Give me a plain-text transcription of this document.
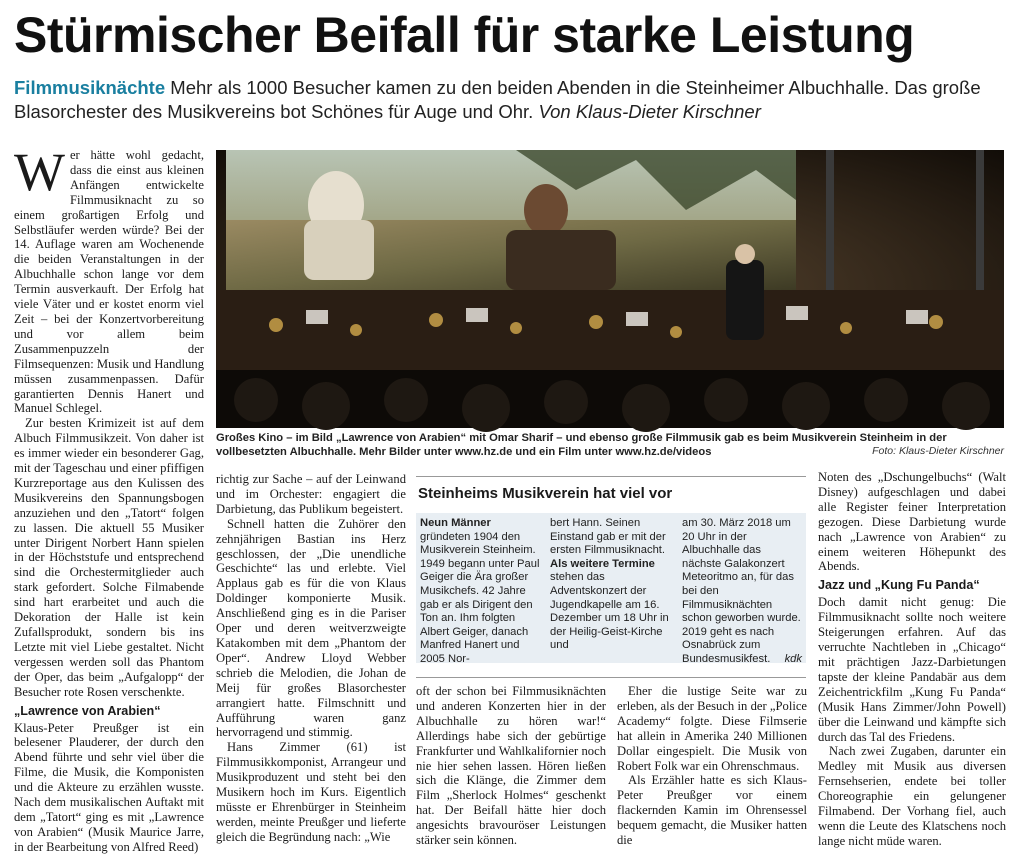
Stürmischer Beifall für starke Leistung
Filmmusiknächte Mehr als 1000 Besucher kamen zu den beiden Abenden in die Steinheimer Albuchhalle. Das große Blasorchester des Musikvereins bot Schönes für Auge und Ohr. Von Klaus-Dieter Kirschner

Wer hätte wohl gedacht, dass die einst aus kleinen Anfängen entwickelte Filmmusiknacht zu so einem großartigen Erfolg und Selbstläufer werden würde? Bei der 14. Auflage waren am Wochenende die beiden Veranstaltungen in der Albuchhalle schon lange vor dem Termin ausverkauft. Der Erfolg hat viele Väter und er kostet enorm viel Zeit – bei der Konzertvorbereitung und vor allem beim Zusammenpuzzeln der Filmsequenzen: Musik und Handlung müssen zusammenpassen. Dafür garantierten Dennis Hanert und Manuel Schlegel.

Zur besten Krimizeit ist auf dem Albuch Filmmusikzeit. Von daher ist es immer wieder ein besonderer Gag, mit der Tageschau und einer pfiffigen Kurzreportage aus den Kulissen des Musikvereins den Spannungsbogen anzuziehen und den „Tatort“ folgen zu lassen. Die aktuell 55 Musiker unter Dirigent Norbert Hann spielen in der Höchststufe und entsprechend sind die Orchestermitglieder auch stark gefordert. Solche Filmabende sind hart erarbeitet und auch die Dekoration der Halle ist kein Zufallsprodukt, sondern bis ins Letzte mit viel Liebe gestaltet. Nicht vergessen werden soll das Phantom der Oper, das beim „Aufgalopp“ der Besucher rote Rosen verschenkte.

„Lawrence von Arabien“

Klaus-Peter Preußger ist ein belesener Plauderer, der durch den Abend führte und sehr viel über die Filme, die Musik, die Komponisten und die Akteure zu erzählen wusste. Nach dem musikalischen Auftakt mit dem „Tatort“ ging es mit „Lawrence von Arabien“ (Musik Maurice Jarre, in der Bearbeitung von Alfred Reed)

Großes Kino – im Bild „Lawrence von Arabien“ mit Omar Sharif – und ebenso große Filmmusik gab es beim Musikverein Steinheim in der vollbesetzten Albuchhalle. Mehr Bilder unter www.hz.de und ein Film unter www.hz.de/videos	Foto: Klaus-Dieter Kirschner

richtig zur Sache – auf der Leinwand und im Orchester: engagiert die Darbietung, das Publikum begeistert.

Schnell hatten die Zuhörer den zehnjährigen Bastian ins Herz geschlossen, der „Die unendliche Geschichte“ las und erlebte. Viel Applaus gab es für die von Klaus Doldinger komponierte Musik. Anschließend ging es in die Pariser Oper und deren weitverzweigte Katakomben mit dem „Phantom der Oper“. Andrew Lloyd Webber schrieb die Melodien, die Johan de Meij für großes Blasorchester arrangiert hatte. Filmschnitt und Aufführung waren ganz hervorragend und stimmig.

Hans Zimmer (61) ist Filmmusikkomponist, Arrangeur und Musikproduzent und steht bei den Musikern hoch im Kurs. Eigentlich müsste er Ehrenbürger in Steinheim werden, meinte Preußger und lieferte gleich die Begründung nach: „Wie

Steinheims Musikverein hat viel vor
Neun Männer gründeten 1904 den Musikverein Steinheim. 1949 begann unter Paul Geiger die Ära großer Musikchefs. 42 Jahre gab er als Dirigent den Ton an. Ihm folgten Albert Geiger, danach Manfred Hanert und 2005 Nor-
bert Hann. Seinen Einstand gab er mit der ersten Filmmusiknacht.
Als weitere Termine stehen das Adventskonzert der Jugendkapelle am 16. Dezember um 18 Uhr in der Heilig-Geist-Kirche und
am 30. März 2018 um 20 Uhr in der Albuchhalle das nächste Galakonzert Meteoritmo an, für das bei den Filmmusiknächten schon geworben wurde. 2019 geht es nach Osnabrück zum Bundesmusikfest. kdk

oft der schon bei Filmmusiknächten und anderen Konzerten hier in der Albuchhalle zu hören war!“ Allerdings habe sich der gebürtige Frankfurter und Wahlkalifornier noch nie hier sehen lassen. Hören ließen sich die Klänge, die Zimmer dem Film „Sherlock Holmes“ geschenkt hat. Der Beifall hätte hier doch angesichts bravouröser Leistungen stärker sein können.

Eher die lustige Seite war zu erleben, als der Besuch in der „Police Academy“ folgte. Diese Filmserie hat allein in Amerika 240 Millionen Dollar eingespielt. Die Musik von Robert Folk war ein Ohrenschmaus.

Als Erzähler hatte es sich Klaus-Peter Preußger vor einem flackernden Kamin im Ohrensessel bequem gemacht, die Musiker hatten die

Noten des „Dschungelbuchs“ (Walt Disney) aufgeschlagen und dabei alle Register feiner Interpretation gezogen. Diese Darbietung wurde nach „Lawrence von Arabien“ zu einem weiteren Höhepunkt des Abends.

Jazz und „Kung Fu Panda“

Doch damit nicht genug: Die Filmmusiknacht sollte noch weitere Steigerungen erfahren. Auf das verruchte Nachtleben in „Chicago“ mit prächtigen Jazz-Darbietungen tapste der kleine Pandabär aus dem Zeichentrickfilm „Kung Fu Panda“ (Musik Hans Zimmer/John Powell) über die Leinwand und kämpfte sich durch das Tal des Friedens.

Nach zwei Zugaben, darunter ein Medley mit Musik aus diversen Fernsehserien, endete bei toller Choreographie ein gelungener Filmabend. Der Vorhang fiel, auch wenn die Leute des Klatschens noch lange nicht müde waren.
